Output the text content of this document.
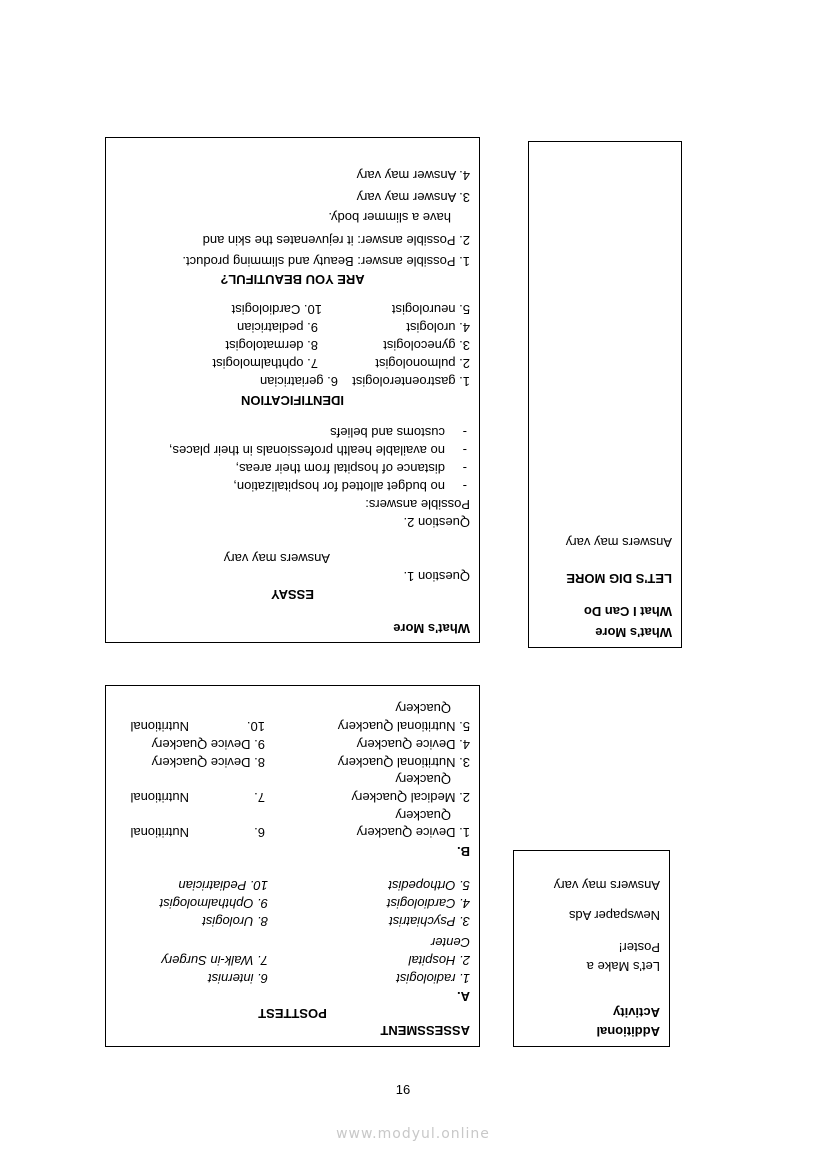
What's More
ESSAY
Question 1.
Answers may vary
Question 2.
Possible answers:
-
no budget allotted for hospitalization,
-
distance of hospital from their areas,
-
no available health professionals in their places,
-
customs and beliefs
IDENTIFICATION
1. gastroenterologist
6. geriatrician
2. pulmonologist
7. ophthalmologist
3. gynecologist
8. dermatologist
4. urologist
9. pediatrician
5. neurologist
10. Cardiologist
ARE YOU BEAUTIFUL?
1. Possible answer: Beauty and slimming product.
2. Possible answer: it rejuvenates the skin and
have a slimmer body.
3. Answer may vary
4. Answer may vary
What's More
What I Can Do
LET'S DIG MORE
Answers may vary
ASSESSMENT
POSTTEST
A.
1. radiologist
6. internist
2. Hospital
7. Walk-in Surgery
Center
3. Psychiatrist
8. Urologist
4. Cardiologist
9. Ophthalmologist
5. Orthopedist
10. Pediatrician
B.
1. Device Quackery
6.
Nutritional
Quackery
2. Medical Quackery
7.
Nutritional
Quackery
3. Nutritional Quackery
8. Device Quackery
4. Device Quackery
9. Device Quackery
5. Nutritional Quackery
10.
Nutritional
Quackery
Additional
Activity
Let's Make a
Poster!
Newspaper Ads
Answers may vary
16
www.modyul.online
